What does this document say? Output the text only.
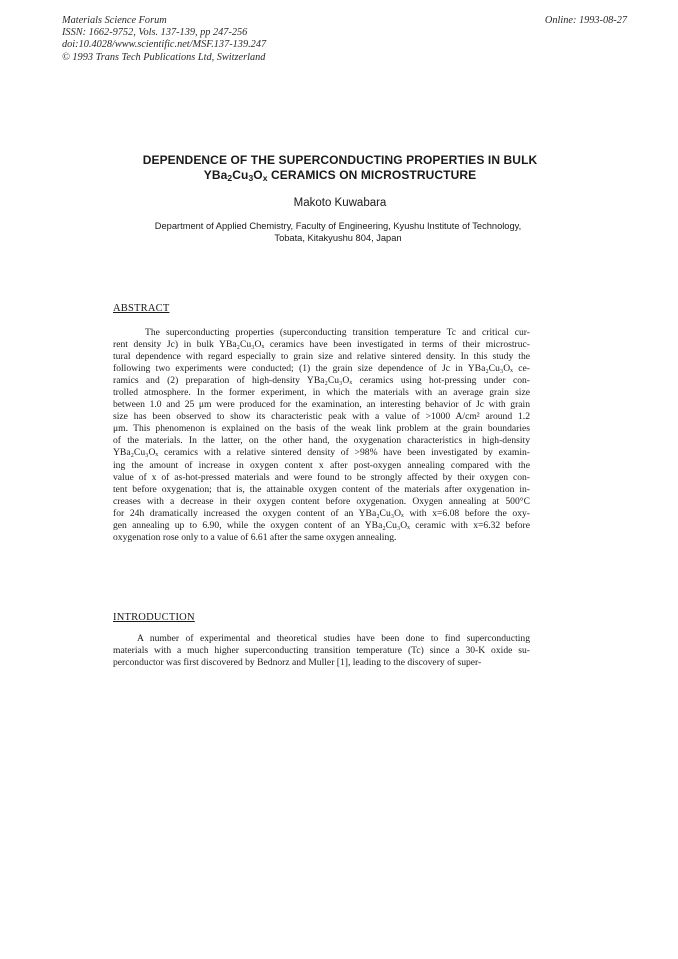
Materials Science Forum
ISSN: 1662-9752, Vols. 137-139, pp 247-256
doi:10.4028/www.scientific.net/MSF.137-139.247
© 1993 Trans Tech Publications Ltd, Switzerland
Online: 1993-08-27
DEPENDENCE OF THE SUPERCONDUCTING PROPERTIES IN BULK
$YBa_2Cu_3O_x$ CERAMICS ON MICROSTRUCTURE
Makoto Kuwabara
Department of Applied Chemistry, Faculty of Engineering, Kyushu Institute of Technology,
Tobata, Kitakyushu 804, Japan
ABSTRACT
The superconducting properties (superconducting transition temperature Tc and critical cur-
rent density Jc) in bulk YBa₂Cu₃Oₓ ceramics have been investigated in terms of their microstruc-
tural dependence with regard especially to grain size and relative sintered density. In this study the
following two experiments were conducted; (1) the grain size dependence of Jc in YBa₂Cu₃Oₓ ce-
ramics and (2) preparation of high-density YBa₂Cu₃Oₓ ceramics using hot-pressing under con-
trolled atmosphere. In the former experiment, in which the materials with an average grain size
between 1.0 and 25 μm were produced for the examination, an interesting behavior of Jc with grain
size has been observed to show its characteristic peak with a value of >1000 A/cm² around 1.2
μm. This phenomenon is explained on the basis of the weak link problem at the grain boundaries
of the materials. In the latter, on the other hand, the oxygenation characteristics in high-density
YBa₂Cu₃Oₓ ceramics with a relative sintered density of >98% have been investigated by examin-
ing the amount of increase in oxygen content x after post-oxygen annealing compared with the
value of x of as-hot-pressed materials and were found to be strongly affected by their oxygen con-
tent before oxygenation; that is, the attainable oxygen content of the materials after oxygenation in-
creases with a decrease in their oxygen content before oxygenation. Oxygen annealing at 500°C
for 24h dramatically increased the oxygen content of an YBa₂Cu₃Oₓ with x=6.08 before the oxy-
gen annealing up to 6.90, while the oxygen content of an YBa₂Cu₃Oₓ ceramic with x=6.32 before
oxygenation rose only to a value of 6.61 after the same oxygen annealing.
INTRODUCTION
A number of experimental and theoretical studies have been done to find superconducting
materials with a much higher superconducting transition temperature (Tc) since a 30-K oxide su-
perconductor was first discovered by Bednorz and Muller [1], leading to the discovery of super-
